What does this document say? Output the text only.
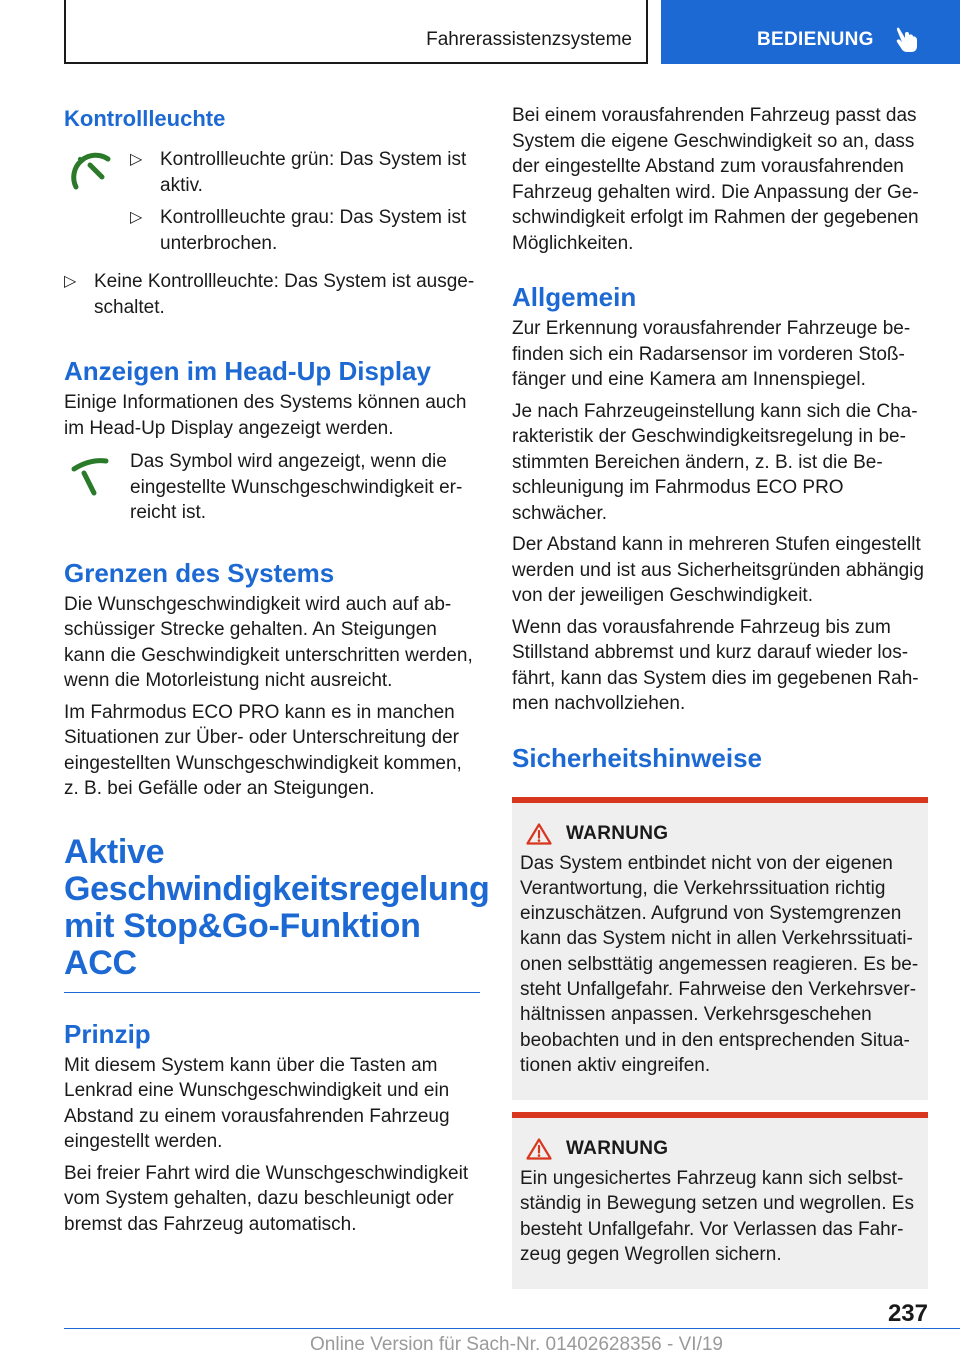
Fahrerassistenzsysteme	BEDIENUNG
Kontrollleuchte
▷ Kontrollleuchte grün: Das System ist aktiv.
▷ Kontrollleuchte grau: Das System ist unterbrochen.
▷ Keine Kontrollleuchte: Das System ist ausgeschaltet.
Anzeigen im Head-Up Display

Einige Informationen des Systems können auch im Head-Up Display angezeigt werden.

Das Symbol wird angezeigt, wenn die eingestellte Wunschgeschwindigkeit erreicht ist.

Grenzen des Systems

Die Wunschgeschwindigkeit wird auch auf abschüssiger Strecke gehalten. An Steigungen kann die Geschwindigkeit unterschritten werden, wenn die Motorleistung nicht ausreicht.

Im Fahrmodus ECO PRO kann es in manchen Situationen zur Über- oder Unterschreitung der eingestellten Wunschgeschwindigkeit kommen, z. B. bei Gefälle oder an Steigungen.

Aktive Geschwindigkeitsregelung mit Stop&Go-Funktion ACC
Prinzip

Mit diesem System kann über die Tasten am Lenkrad eine Wunschgeschwindigkeit und ein Abstand zu einem vorausfahrenden Fahrzeug eingestellt werden.

Bei freier Fahrt wird die Wunschgeschwindigkeit vom System gehalten, dazu beschleunigt oder bremst das Fahrzeug automatisch.

Bei einem vorausfahrenden Fahrzeug passt das System die eigene Geschwindigkeit so an, dass der eingestellte Abstand zum vorausfahrenden Fahrzeug gehalten wird. Die Anpassung der Geschwindigkeit erfolgt im Rahmen der gegebenen Möglichkeiten.

Allgemein

Zur Erkennung vorausfahrender Fahrzeuge befinden sich ein Radarsensor im vorderen Stoßfänger und eine Kamera am Innenspiegel.

Je nach Fahrzeugeinstellung kann sich die Charakteristik der Geschwindigkeitsregelung in bestimmten Bereichen ändern, z. B. ist die Beschleunigung im Fahrmodus ECO PRO schwächer.

Der Abstand kann in mehreren Stufen eingestellt werden und ist aus Sicherheitsgründen abhängig von der jeweiligen Geschwindigkeit.

Wenn das vorausfahrende Fahrzeug bis zum Stillstand abbremst und kurz darauf wieder losfährt, kann das System dies im gegebenen Rahmen nachvollziehen.

Sicherheitshinweise
WARNUNG

Das System entbindet nicht von der eigenen Verantwortung, die Verkehrssituation richtig einzuschätzen. Aufgrund von Systemgrenzen kann das System nicht in allen Verkehrssituationen selbsttätig angemessen reagieren. Es besteht Unfallgefahr. Fahrweise den Verkehrsverhältnissen anpassen. Verkehrsgeschehen beobachten und in den entsprechenden Situationen aktiv eingreifen.

WARNUNG

Ein ungesichertes Fahrzeug kann sich selbstständig in Bewegung setzen und wegrollen. Es besteht Unfallgefahr. Vor Verlassen das Fahrzeug gegen Wegrollen sichern.

237
Online Version für Sach-Nr. 01402628356 - VI/19
